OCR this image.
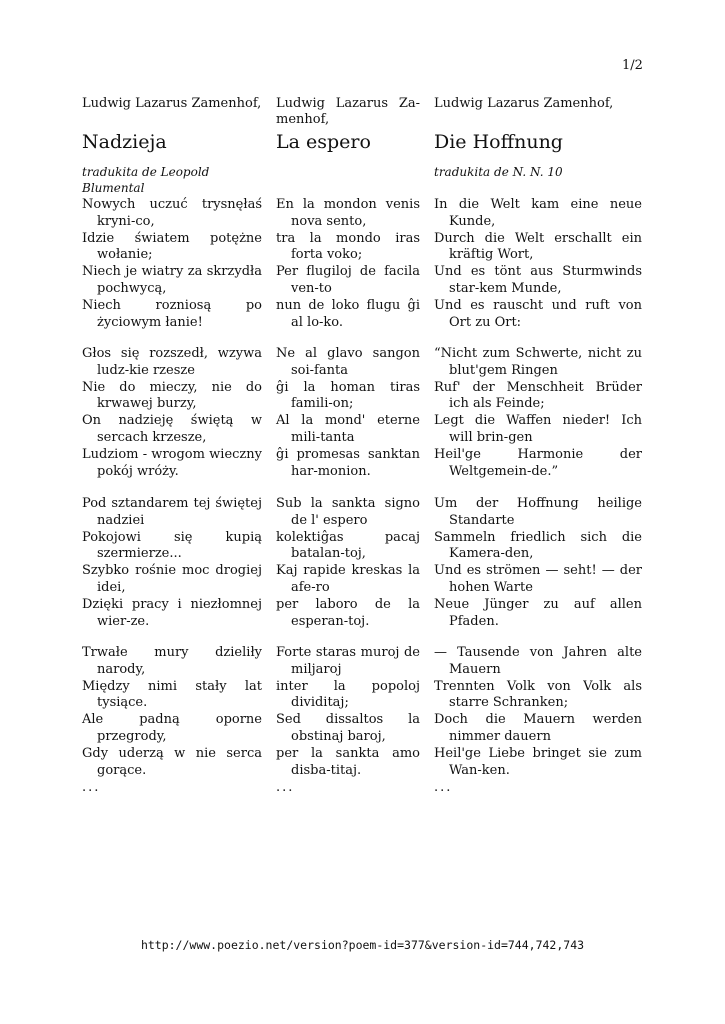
1/2
Ludwig Lazarus Zamenhof,
Nadzieja
tradukita de Leopold Blumental
Nowych uczuć trysnęłaś kryni-co,
Idzie światem potężne wołanie;
Niech je wiatry za skrzydła pochwycą,
Niech rozniosą po życiowym łanie!
Głos się rozszedł, wzywa ludz-kie rzesze
Nie do mieczy, nie do krwawej burzy,
On nadzieję świętą w sercach krzesze,
Ludziom - wrogom wieczny pokój wróży.
Pod sztandarem tej świętej nadziei
Pokojowi się kupią szermierze...
Szybko rośnie moc drogiej idei,
Dzięki pracy i niezłomnej wier-ze.
Trwałe mury dzieliły narody,
Między nimi stały lat tysiące.
Ale padną oporne przegrody,
Gdy uderzą w nie serca gorące.
...
Ludwig Lazarus Za-menhof,
La espero
En la mondon venis nova sento,
tra la mondo iras forta voko;
Per flugiloj de facila ven-to
nun de loko flugu ĝi al lo-ko.
Ne al glavo sangon soi-fanta
ĝi la homan tiras famili-on;
Al la mond' eterne mili-tanta
ĝi promesas sanktan har-monion.
Sub la sankta signo de l' espero
kolektiĝas pacaj batalan-toj,
Kaj rapide kreskas la afe-ro
per laboro de la esperan-toj.
Forte staras muroj de miljaroj
inter la popoloj dividitaj;
Sed dissaltos la obstinaj baroj,
per la sankta amo disba-titaj.
...
Ludwig Lazarus Zamenhof,
Die Hoffnung
tradukita de N. N. 10
In die Welt kam eine neue Kunde,
Durch die Welt erschallt ein kräftig Wort,
Und es tönt aus Sturmwinds star-kem Munde,
Und es rauscht und ruft von Ort zu Ort:
“Nicht zum Schwerte, nicht zu blut'gem Ringen
Ruf' der Menschheit Brüder ich als Feinde;
Legt die Waffen nieder! Ich will brin-gen
Heil'ge Harmonie der Weltgemein-de.”
Um der Hoffnung heilige Standarte
Sammeln friedlich sich die Kamera-den,
Und es strömen — seht! — der hohen Warte
Neue Jünger zu auf allen Pfaden.
— Tausende von Jahren alte Mauern
Trennten Volk von Volk als starre Schranken;
Doch die Mauern werden nimmer dauern
Heil'ge Liebe bringet sie zum Wan-ken.
...
http://www.poezio.net/version?poem-id=377&version-id=744,742,743
